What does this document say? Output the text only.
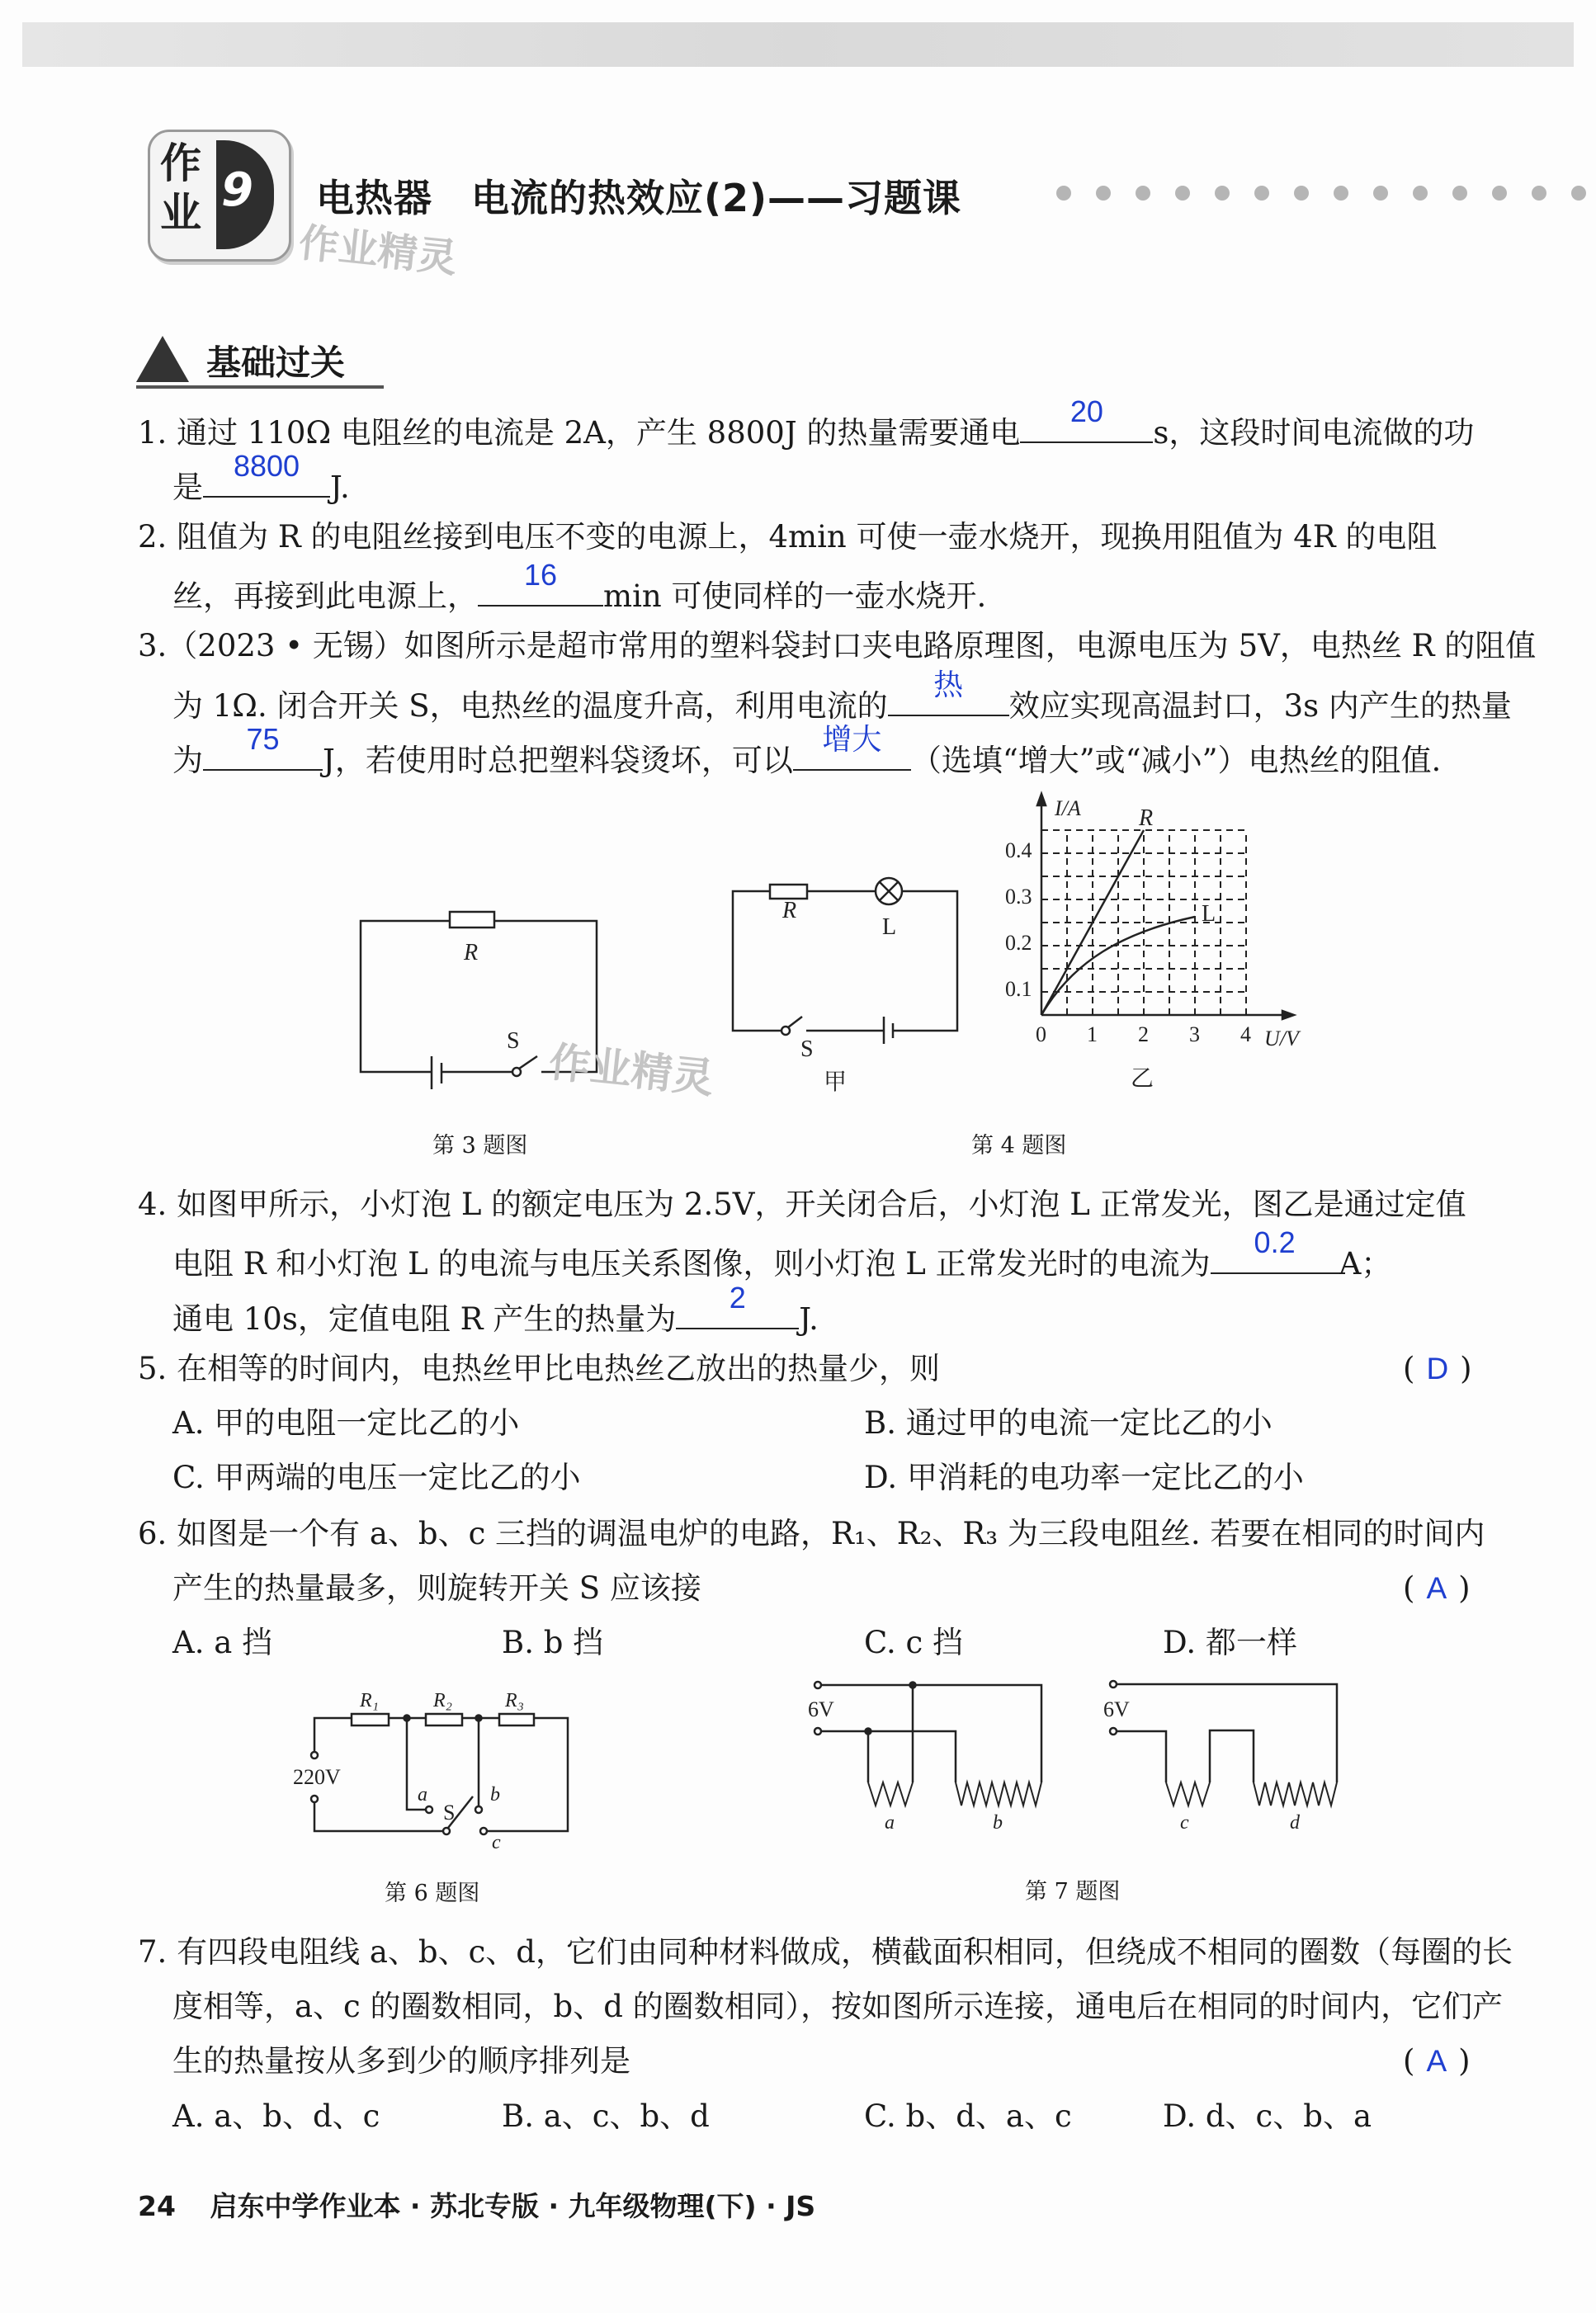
作业 9 电热器　电流的热效应(2)——习题课
作业精灵
基础过关
1. 通过 110Ω 电阻丝的电流是 2A，产生 8800J 的热量需要通电
20
s，这段时间电流做的功
是
8800
J.
2. 阻值为 R 的电阻丝接到电压不变的电源上，4min 可使一壶水烧开，现换用阻值为 4R 的电阻
丝，再接到此电源上，
16
min 可使同样的一壶水烧开.
3.（2023 • 无锡）如图所示是超市常用的塑料袋封口夹电路原理图，电源电压为 5V，电热丝 R 的阻值
为 1Ω. 闭合开关 S，电热丝的温度升高，利用电流的
热
效应实现高温封口，3s 内产生的热量
为
75
J，若使用时总把塑料袋烫坏，可以
增大
（选填“增大”或“减小”）电热丝的阻值.
R
S
R
L
S
甲
I/A	R
L
0.1
0.2
0.3
0.4
0 1 2 3 4 U/V
乙
作业精灵
第 3 题图	第 4 题图
4. 如图甲所示，小灯泡 L 的额定电压为 2.5V，开关闭合后，小灯泡 L 正常发光，图乙是通过定值
电阻 R 和小灯泡 L 的电流与电压关系图像，则小灯泡 L 正常发光时的电流为
0.2
A；
通电 10s，定值电阻 R 产生的热量为
2
J.
5. 在相等的时间内，电热丝甲比电热丝乙放出的热量少，则	( D )
A. 甲的电阻一定比乙的小	B. 通过甲的电流一定比乙的小
C. 甲两端的电压一定比乙的小	D. 甲消耗的电功率一定比乙的小
6. 如图是一个有 a、b、c 三挡的调温电炉的电路，R₁、R₂、R₃ 为三段电阻丝. 若要在相同的时间内
产生的热量最多，则旋转开关 S 应该接	( A )
A. a 挡	B. b 挡	C. c 挡	D. 都一样
R₁	R₂	R₃
220V
a	b
c
S
6V
a	b
6V
c	d
第 6 题图	第 7 题图
7. 有四段电阻线 a、b、c、d，它们由同种材料做成，横截面积相同，但绕成不相同的圈数（每圈的长
度相等，a、c 的圈数相同，b、d 的圈数相同），按如图所示连接，通电后在相同的时间内，它们产
生的热量按从多到少的顺序排列是	( A )
A. a、b、d、c	B. a、c、b、d	C. b、d、a、c	D. d、c、b、a
24 启东中学作业本 · 苏北专版 · 九年级物理(下) · JS
